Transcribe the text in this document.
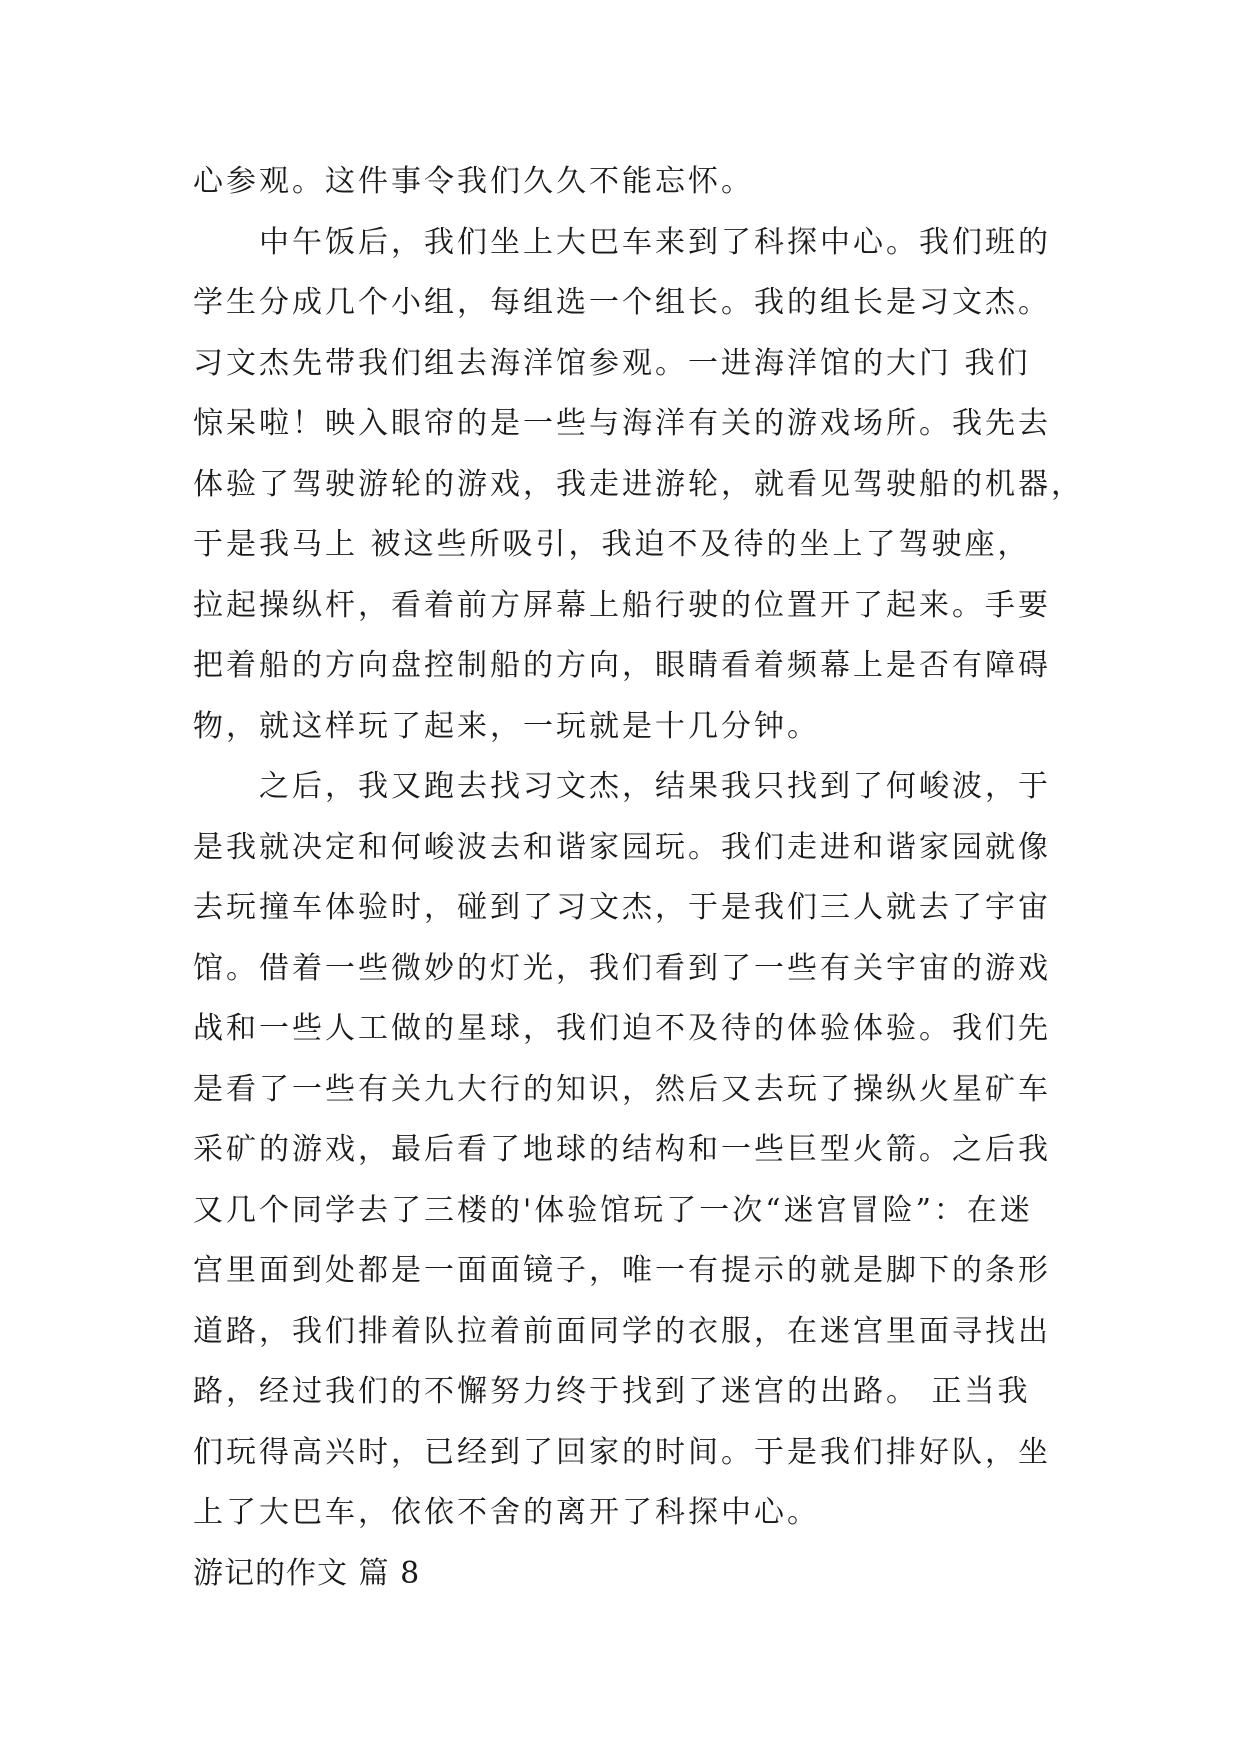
心参观。这件事令我们久久不能忘怀。
中午饭后，我们坐上大巴车来到了科探中心。我们班的
学生分成几个小组，每组选一个组长。我的组长是习文杰。
习文杰先带我们组去海洋馆参观。一进海洋馆的大门 我们
惊呆啦！映入眼帘的是一些与海洋有关的游戏场所。我先去
体验了驾驶游轮的游戏，我走进游轮，就看见驾驶船的机器，
于是我马上 被这些所吸引，我迫不及待的坐上了驾驶座，
拉起操纵杆，看着前方屏幕上船行驶的位置开了起来。手要
把着船的方向盘控制船的方向，眼睛看着频幕上是否有障碍
物，就这样玩了起来，一玩就是十几分钟。
之后，我又跑去找习文杰，结果我只找到了何峻波，于
是我就决定和何峻波去和谐家园玩。我们走进和谐家园就像
去玩撞车体验时，碰到了习文杰，于是我们三人就去了宇宙
馆。借着一些微妙的灯光，我们看到了一些有关宇宙的游戏
战和一些人工做的星球，我们迫不及待的体验体验。我们先
是看了一些有关九大行的知识，然后又去玩了操纵火星矿车
采矿的游戏，最后看了地球的结构和一些巨型火箭。之后我
又几个同学去了三楼的'体验馆玩了一次“迷宫冒险”：在迷
宫里面到处都是一面面镜子，唯一有提示的就是脚下的条形
道路，我们排着队拉着前面同学的衣服，在迷宫里面寻找出
路，经过我们的不懈努力终于找到了迷宫的出路。 正当我
们玩得高兴时，已经到了回家的时间。于是我们排好队，坐
上了大巴车，依依不舍的离开了科探中心。
游记的作文 篇 8
